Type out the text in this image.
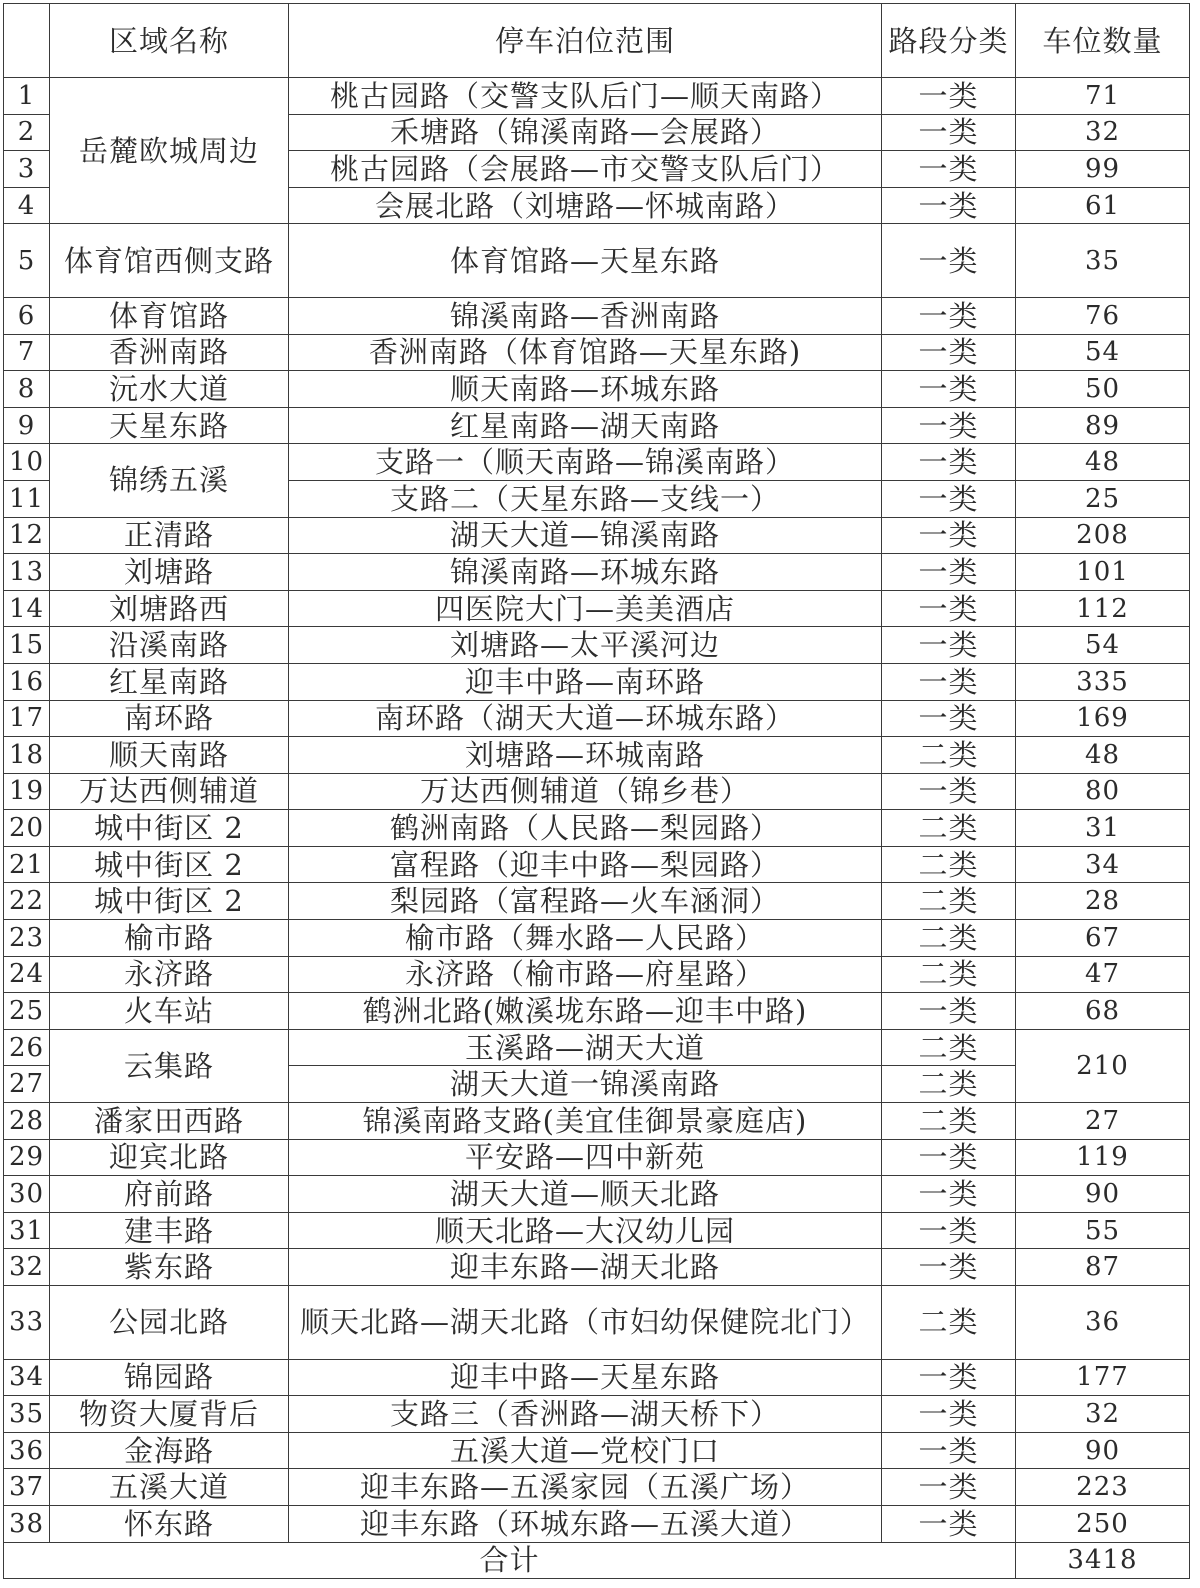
	区域名称	停车泊位范围	路段分类	车位数量
1	岳麓欧城周边	桃古园路（交警支队后门—顺天南路）	一类	71
2		禾塘路（锦溪南路—会展路）	一类	32
3		桃古园路（会展路—市交警支队后门）	一类	99
4		会展北路（刘塘路—怀城南路）	一类	61
5	体育馆西侧支路	体育馆路—天星东路	一类	35
6	体育馆路	锦溪南路—香洲南路	一类	76
7	香洲南路	香洲南路（体育馆路—天星东路)	一类	54
8	沅水大道	顺天南路—环城东路	一类	50
9	天星东路	红星南路—湖天南路	一类	89
10	锦绣五溪	支路一（顺天南路—锦溪南路）	一类	48
11		支路二（天星东路—支线一）	一类	25
12	正清路	湖天大道—锦溪南路	一类	208
13	刘塘路	锦溪南路—环城东路	一类	101
14	刘塘路西	四医院大门—美美酒店	一类	112
15	沿溪南路	刘塘路—太平溪河边	一类	54
16	红星南路	迎丰中路—南环路	一类	335
17	南环路	南环路（湖天大道—环城东路）	一类	169
18	顺天南路	刘塘路—环城南路	二类	48
19	万达西侧辅道	万达西侧辅道（锦乡巷）	一类	80
20	城中街区 2	鹤洲南路（人民路—梨园路）	二类	31
21	城中街区 2	富程路（迎丰中路—梨园路）	二类	34
22	城中街区 2	梨园路（富程路—火车涵洞）	二类	28
23	榆市路	榆市路（舞水路—人民路）	二类	67
24	永济路	永济路（榆市路—府星路）	二类	47
25	火车站	鹤洲北路(嫩溪垅东路—迎丰中路)	一类	68
26	云集路	玉溪路—湖天大道	二类	210
27		湖天大道一锦溪南路	二类	
28	潘家田西路	锦溪南路支路(美宜佳御景豪庭店)	二类	27
29	迎宾北路	平安路—四中新苑	一类	119
30	府前路	湖天大道—顺天北路	一类	90
31	建丰路	顺天北路—大汉幼儿园	一类	55
32	紫东路	迎丰东路—湖天北路	一类	87
33	公园北路	顺天北路—湖天北路（市妇幼保健院北门）	二类	36
34	锦园路	迎丰中路—天星东路	一类	177
35	物资大厦背后	支路三（香洲路—湖天桥下）	一类	32
36	金海路	五溪大道—党校门口	一类	90
37	五溪大道	迎丰东路—五溪家园（五溪广场）	一类	223
38	怀东路	迎丰东路（环城东路—五溪大道）	一类	250
合计				3418
